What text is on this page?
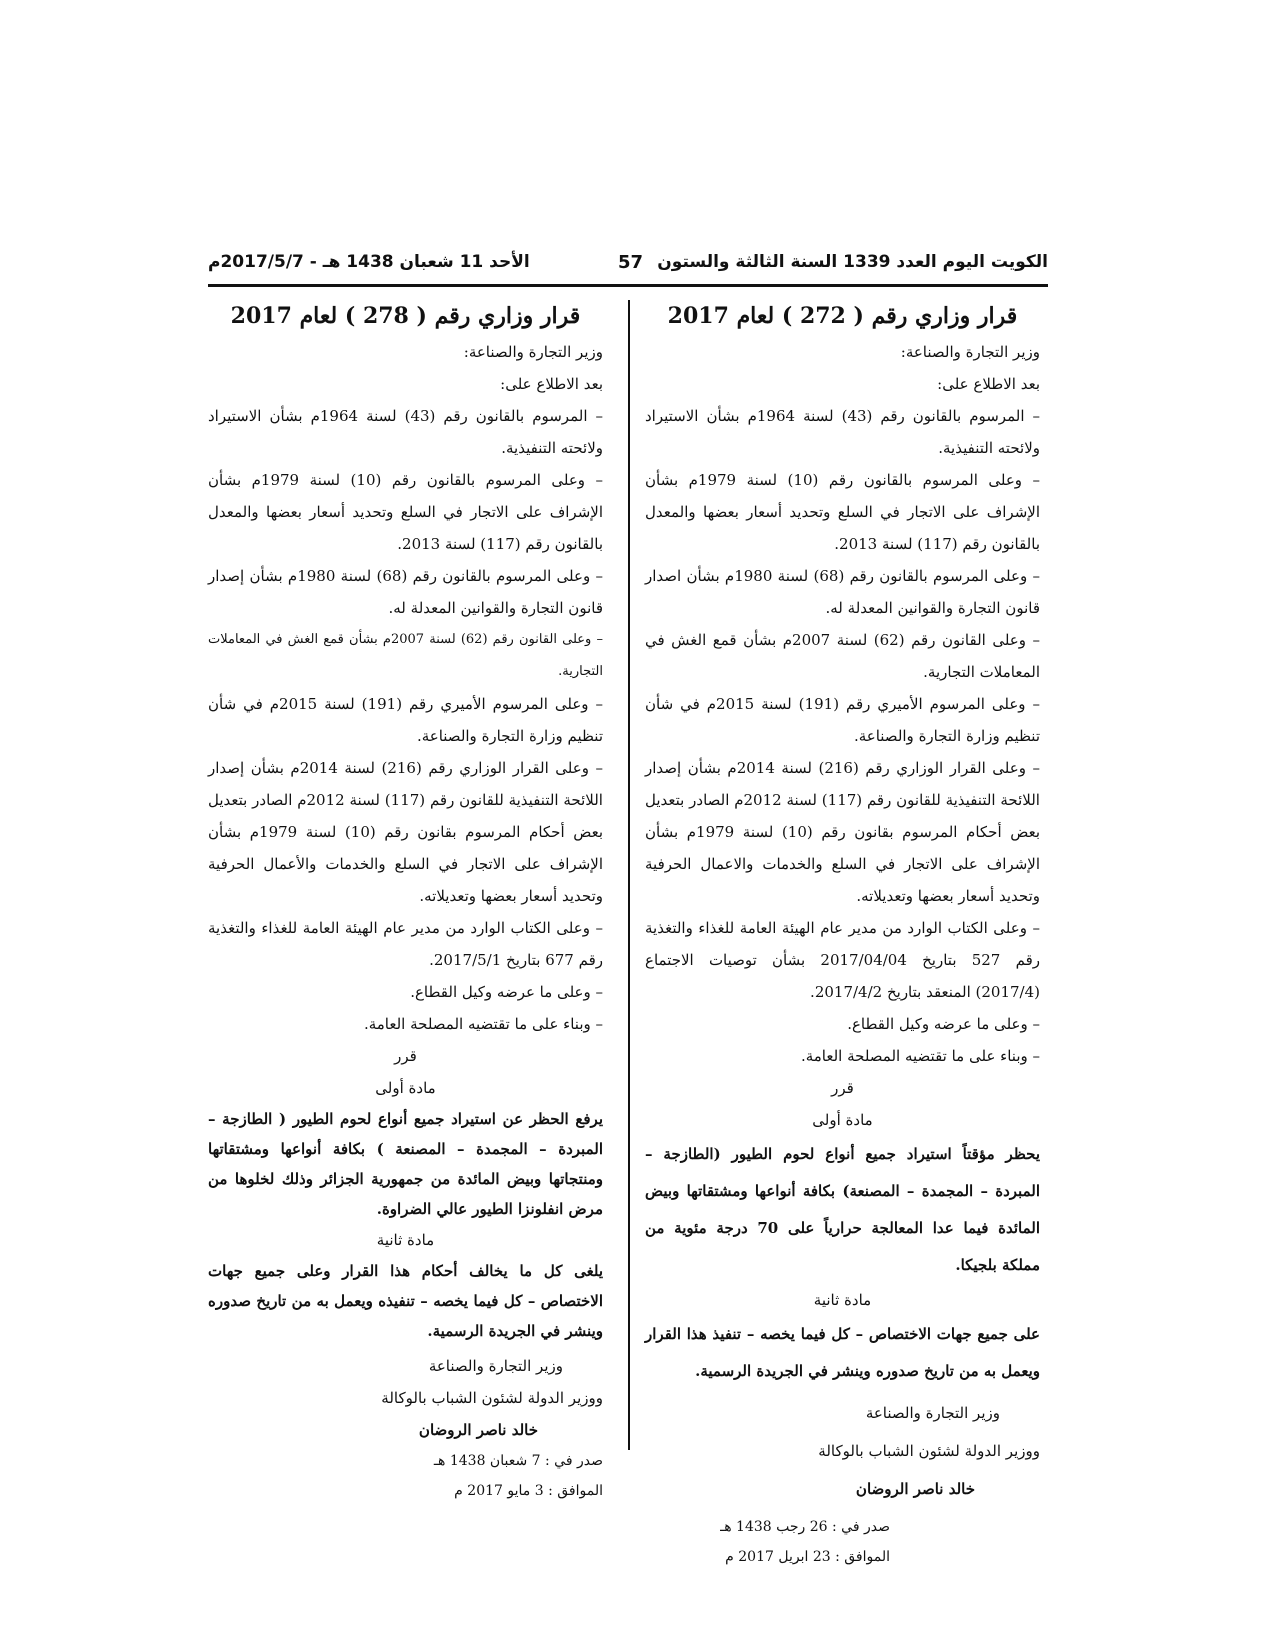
الكويت اليوم العدد 1339 السنة الثالثة والستون
57
الأحد 11 شعبان 1438 هـ - 2017/5/7م
قرار وزاري رقم ( 272 ) لعام 2017

وزير التجارة والصناعة:

بعد الاطلاع على:

– المرسوم بالقانون رقم (43) لسنة 1964م بشأن الاستيراد ولائحته التنفيذية.

– وعلى المرسوم بالقانون رقم (10) لسنة 1979م بشأن الإشراف على الاتجار في السلع وتحديد أسعار بعضها والمعدل بالقانون رقم (117) لسنة 2013.

– وعلى المرسوم بالقانون رقم (68) لسنة 1980م بشأن اصدار قانون التجارة والقوانين المعدلة له.

– وعلى القانون رقم (62) لسنة 2007م بشأن قمع الغش في المعاملات التجارية.

– وعلى المرسوم الأميري رقم (191) لسنة 2015م في شأن تنظيم وزارة التجارة والصناعة.

– وعلى القرار الوزاري رقم (216) لسنة 2014م بشأن إصدار اللائحة التنفيذية للقانون رقم (117) لسنة 2012م الصادر بتعديل بعض أحكام المرسوم بقانون رقم (10) لسنة 1979م بشأن الإشراف على الاتجار في السلع والخدمات والاعمال الحرفية وتحديد أسعار بعضها وتعديلاته.

– وعلى الكتاب الوارد من مدير عام الهيئة العامة للغذاء والتغذية رقم 527 بتاريخ 2017/04/04 بشأن توصيات الاجتماع (2017/4) المنعقد بتاريخ 2017/4/2.

– وعلى ما عرضه وكيل القطاع.

– وبناء على ما تقتضيه المصلحة العامة.

قرر

مادة أولى

يحظر مؤقتاً استيراد جميع أنواع لحوم الطيور (الطازجة – المبردة – المجمدة – المصنعة) بكافة أنواعها ومشتقاتها وبيض المائدة فيما عدا المعالجة حرارياً على 70 درجة مئوية من مملكة بلجيكا.

مادة ثانية

على جميع جهات الاختصاص – كل فيما يخصه – تنفيذ هذا القرار ويعمل به من تاريخ صدوره وينشر في الجريدة الرسمية.

وزير التجارة والصناعة

ووزير الدولة لشئون الشباب بالوكالة

خالد ناصر الروضان

صدر في : 26 رجب 1438 هـ

الموافق : 23 ابريل 2017 م

قرار وزاري رقم ( 278 ) لعام 2017

وزير التجارة والصناعة:

بعد الاطلاع على:

– المرسوم بالقانون رقم (43) لسنة 1964م بشأن الاستيراد ولائحته التنفيذية.

– وعلى المرسوم بالقانون رقم (10) لسنة 1979م بشأن الإشراف على الاتجار في السلع وتحديد أسعار بعضها والمعدل بالقانون رقم (117) لسنة 2013.

– وعلى المرسوم بالقانون رقم (68) لسنة 1980م بشأن إصدار قانون التجارة والقوانين المعدلة له.

– وعلى القانون رقم (62) لسنة 2007م بشأن قمع الغش في المعاملات التجارية.

– وعلى المرسوم الأميري رقم (191) لسنة 2015م في شأن تنظيم وزارة التجارة والصناعة.

– وعلى القرار الوزاري رقم (216) لسنة 2014م بشأن إصدار اللائحة التنفيذية للقانون رقم (117) لسنة 2012م الصادر بتعديل بعض أحكام المرسوم بقانون رقم (10) لسنة 1979م بشأن الإشراف على الاتجار في السلع والخدمات والأعمال الحرفية وتحديد أسعار بعضها وتعديلاته.

– وعلى الكتاب الوارد من مدير عام الهيئة العامة للغذاء والتغذية رقم 677 بتاريخ 2017/5/1.

– وعلى ما عرضه وكيل القطاع.

– وبناء على ما تقتضيه المصلحة العامة.

قرر

مادة أولى

يرفع الحظر عن استيراد جميع أنواع لحوم الطيور ( الطازجة – المبردة – المجمدة – المصنعة ) بكافة أنواعها ومشتقاتها ومنتجاتها وبيض المائدة من جمهورية الجزائر وذلك لخلوها من مرض انفلونزا الطيور عالي الضراوة.

مادة ثانية

يلغى كل ما يخالف أحكام هذا القرار وعلى جميع جهات الاختصاص – كل فيما يخصه – تنفيذه ويعمل به من تاريخ صدوره وينشر في الجريدة الرسمية.

وزير التجارة والصناعة

ووزير الدولة لشئون الشباب بالوكالة

خالد ناصر الروضان

صدر في : 7 شعبان 1438 هـ

الموافق : 3 مايو 2017 م
